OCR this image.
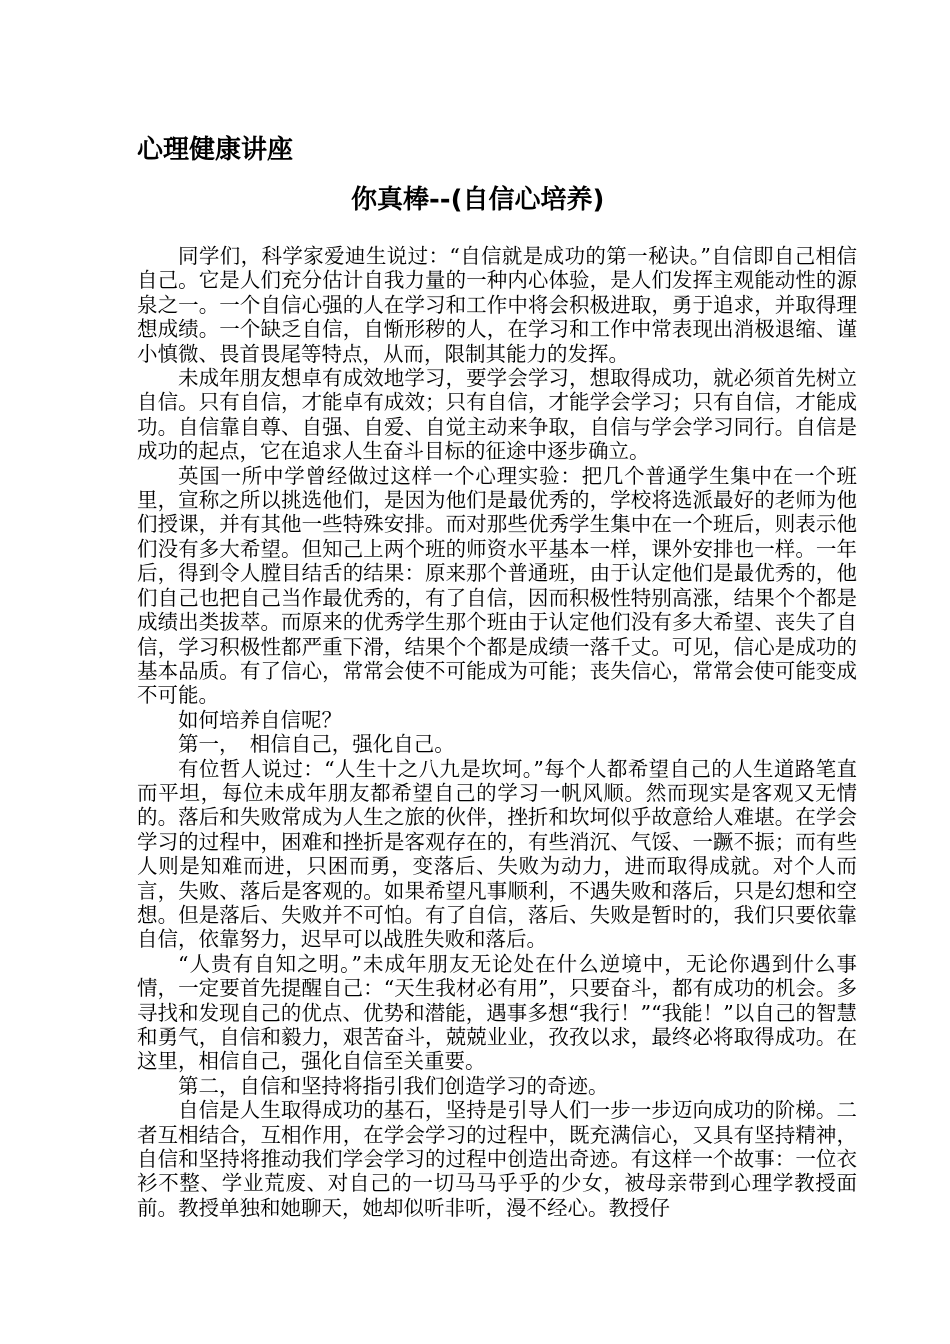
心理健康讲座
你真棒--(自信心培养)

同学们，科学家爱迪生说过：“自信就是成功的第一秘诀。”自信即自己相信自己。它是人们充分估计自我力量的一种内心体验，是人们发挥主观能动性的源泉之一。一个自信心强的人在学习和工作中将会积极进取，勇于追求，并取得理想成绩。一个缺乏自信，自惭形秽的人，在学习和工作中常表现出消极退缩、谨小慎微、畏首畏尾等特点，从而，限制其能力的发挥。

未成年朋友想卓有成效地学习，要学会学习，想取得成功，就必须首先树立自信。只有自信，才能卓有成效；只有自信，才能学会学习；只有自信，才能成功。自信靠自尊、自强、自爱、自觉主动来争取，自信与学会学习同行。自信是成功的起点，它在追求人生奋斗目标的征途中逐步确立。

英国一所中学曾经做过这样一个心理实验：把几个普通学生集中在一个班里，宣称之所以挑选他们，是因为他们是最优秀的，学校将选派最好的老师为他们授课，并有其他一些特殊安排。而对那些优秀学生集中在一个班后，则表示他们没有多大希望。但知己上两个班的师资水平基本一样，课外安排也一样。一年后，得到令人膛目结舌的结果：原来那个普通班，由于认定他们是最优秀的，他们自己也把自己当作最优秀的，有了自信，因而积极性特别高涨，结果个个都是成绩出类拔萃。而原来的优秀学生那个班由于认定他们没有多大希望、丧失了自信，学习积极性都严重下滑，结果个个都是成绩一落千丈。可见，信心是成功的基本品质。有了信心，常常会使不可能成为可能；丧失信心，常常会使可能变成不可能。

如何培养自信呢？

第一，　相信自己，强化自己。

有位哲人说过：“人生十之八九是坎坷。”每个人都希望自己的人生道路笔直而平坦，每位未成年朋友都希望自己的学习一帆风顺。然而现实是客观又无情的。落后和失败常成为人生之旅的伙伴，挫折和坎坷似乎故意给人难堪。在学会学习的过程中，困难和挫折是客观存在的，有些消沉、气馁、一蹶不振；而有些人则是知难而进，只困而勇，变落后、失败为动力，进而取得成就。对个人而言，失败、落后是客观的。如果希望凡事顺利，不遇失败和落后，只是幻想和空想。但是落后、失败并不可怕。有了自信，落后、失败是暂时的，我们只要依靠自信，依靠努力，迟早可以战胜失败和落后。

“人贵有自知之明。”未成年朋友无论处在什么逆境中，无论你遇到什么事情，一定要首先提醒自己：“天生我材必有用”，只要奋斗，都有成功的机会。多寻找和发现自己的优点、优势和潜能，遇事多想“我行！”“我能！”以自己的智慧和勇气，自信和毅力，艰苦奋斗，兢兢业业，孜孜以求，最终必将取得成功。在这里，相信自己，强化自信至关重要。

第二，自信和坚持将指引我们创造学习的奇迹。

自信是人生取得成功的基石，坚持是引导人们一步一步迈向成功的阶梯。二者互相结合，互相作用，在学会学习的过程中，既充满信心，又具有坚持精神，自信和坚持将推动我们学会学习的过程中创造出奇迹。有这样一个故事：一位衣衫不整、学业荒废、对自己的一切马马乎乎的少女，被母亲带到心理学教授面前。教授单独和她聊天，她却似听非听，漫不经心。教授仔
